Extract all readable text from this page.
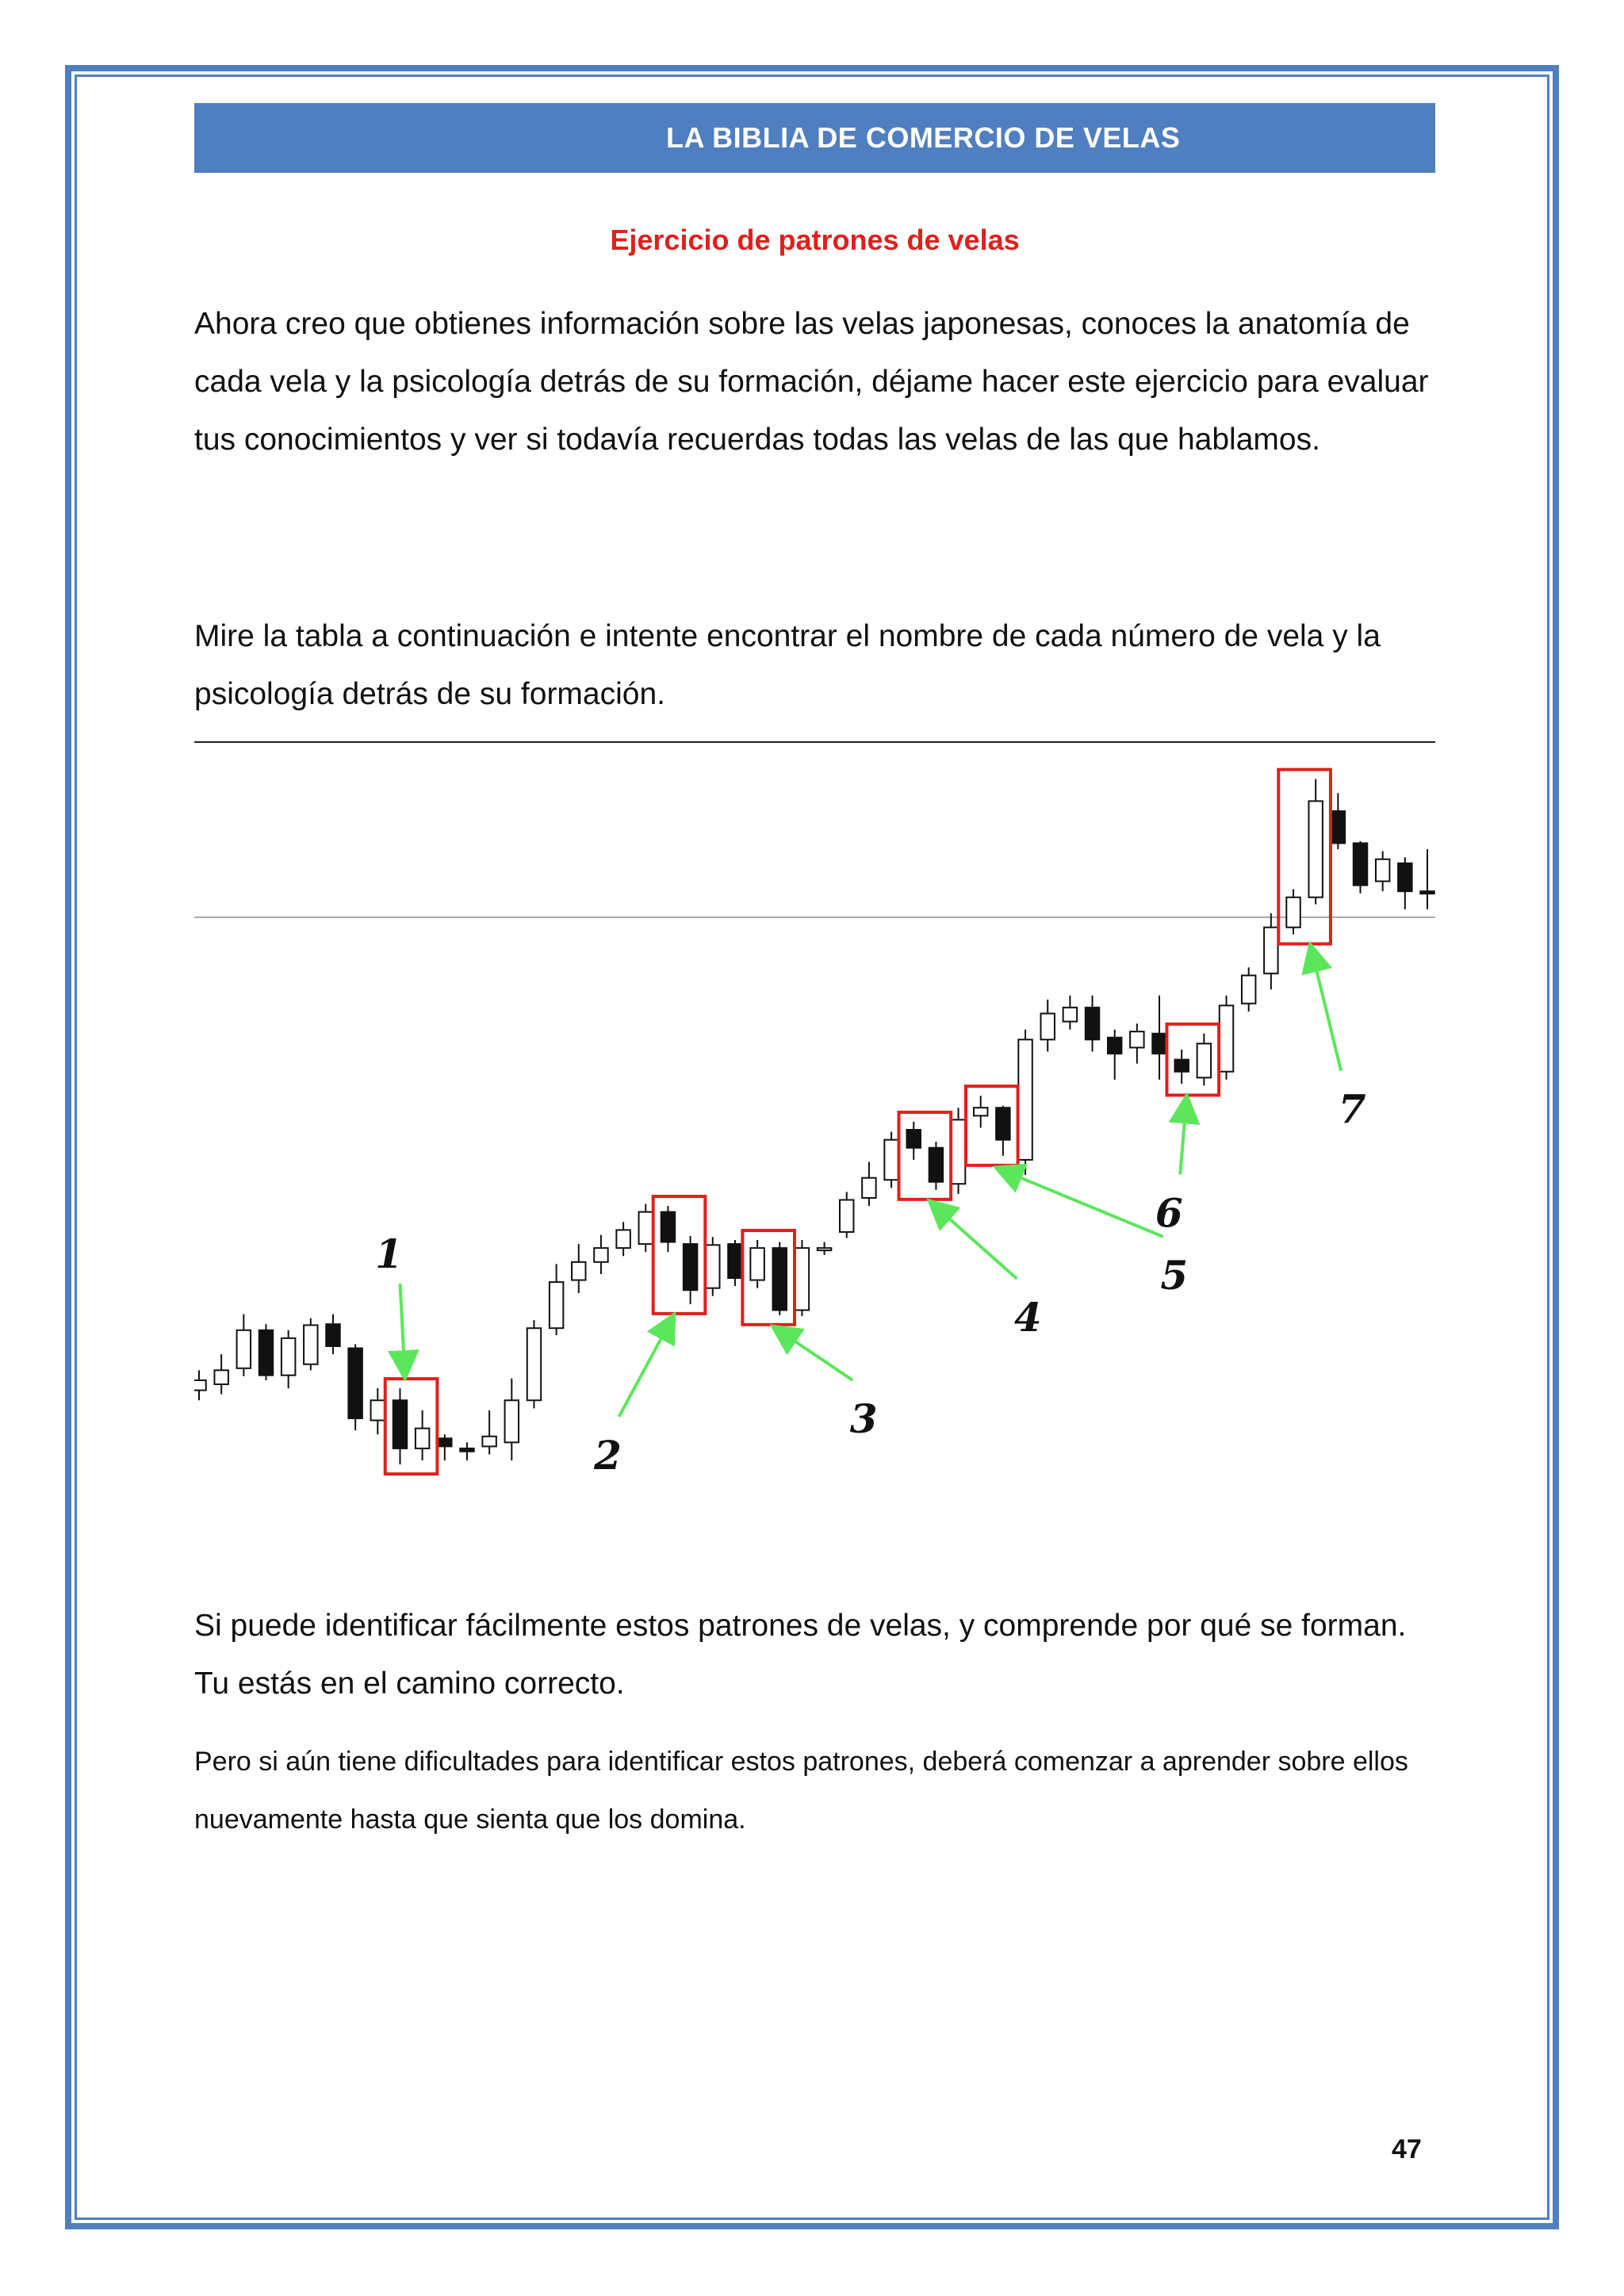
LA BIBLIA DE COMERCIO DE VELAS
Ejercicio de patrones de velas

Ahora creo que obtienes información sobre las velas japonesas, conoces la anatomía de cada vela y la psicología detrás de su formación, déjame hacer este ejercicio para evaluar tus conocimientos y ver si todavía recuerdas todas las velas de las que hablamos.

Mire la tabla a continuación e intente encontrar el nombre de cada número de vela y la psicología detrás de su formación.

1
2
3
4
5
6
7

Si puede identificar fácilmente estos patrones de velas, y comprende por qué se forman. Tu estás en el camino correcto.

Pero si aún tiene dificultades para identificar estos patrones, deberá comenzar a aprender sobre ellos nuevamente hasta que sienta que los domina.

47
